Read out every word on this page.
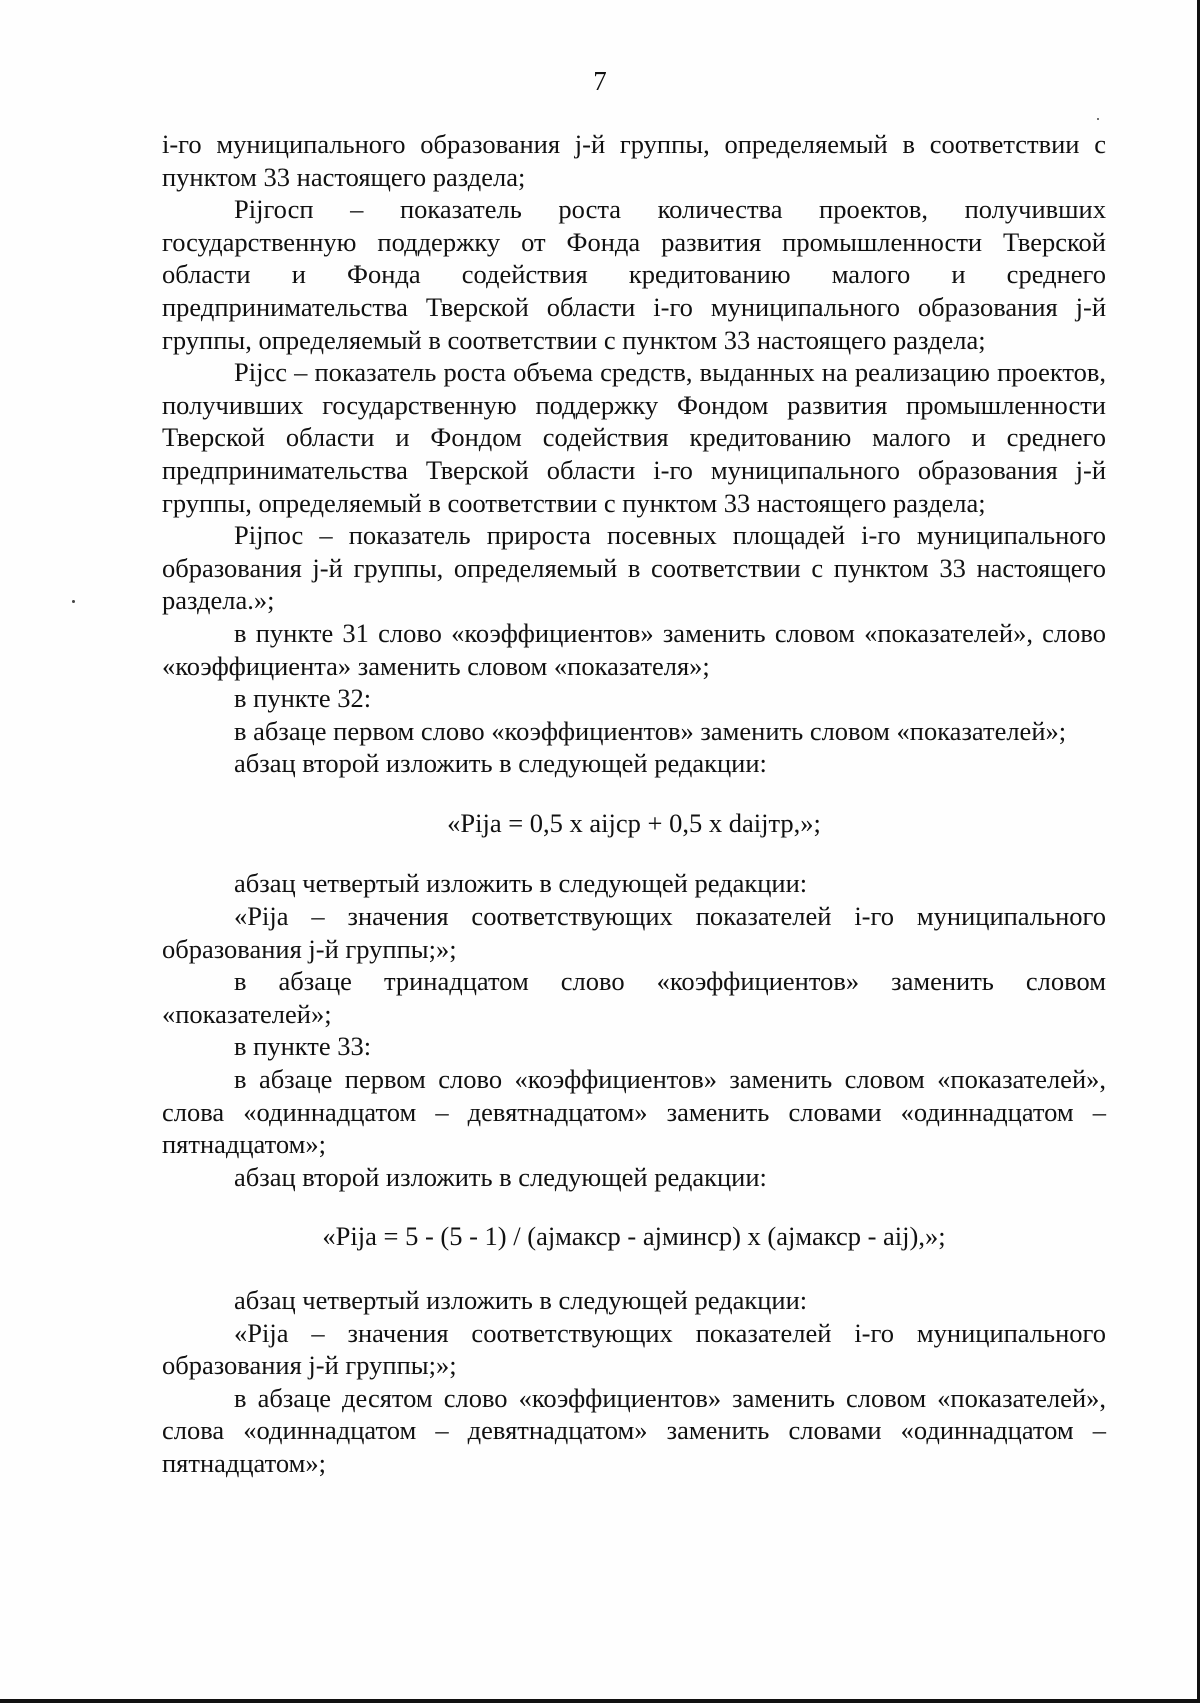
7

i-го муниципального образования j-й группы, определяемый в соответствии с пунктом 33 настоящего раздела;

Pijгосп – показатель роста количества проектов, получивших государственную поддержку от Фонда развития промышленности Тверской области и Фонда содействия кредитованию малого и среднего предпринимательства Тверской области i-го муниципального образования j-й группы, определяемый в соответствии с пунктом 33 настоящего раздела;

Pijсс – показатель роста объема средств, выданных на реализацию проектов, получивших государственную поддержку Фондом развития промышленности Тверской области и Фондом содействия кредитованию малого и среднего предпринимательства Тверской области i-го муниципального образования j-й группы, определяемый в соответствии с пунктом 33 настоящего раздела;

Pijпос – показатель прироста посевных площадей i-го муниципального образования j-й группы, определяемый в соответствии с пунктом 33 настоящего раздела.»;

в пункте 31 слово «коэффициентов» заменить словом «показателей», слово «коэффициента» заменить словом «показателя»;

в пункте 32:

в абзаце первом слово «коэффициентов» заменить словом «показателей»;

абзац второй изложить в следующей редакции:

«Pija = 0,5 x aijср + 0,5 x daijтр,»;

абзац четвертый изложить в следующей редакции:

«Pija – значения соответствующих показателей i-го муниципального образования j-й группы;»;

в абзаце тринадцатом слово «коэффициентов» заменить словом «показателей»;

в пункте 33:

в абзаце первом слово «коэффициентов» заменить словом «показателей», слова «одиннадцатом – девятнадцатом» заменить словами «одиннадцатом – пятнадцатом»;

абзац второй изложить в следующей редакции:

«Pija = 5 - (5 - 1) / (ajмакср - ajминср) x (ajмакср - aij),»;

абзац четвертый изложить в следующей редакции:

«Pija – значения соответствующих показателей i-го муниципального образования j-й группы;»;

в абзаце десятом слово «коэффициентов» заменить словом «показателей», слова «одиннадцатом – девятнадцатом» заменить словами «одиннадцатом – пятнадцатом»;
